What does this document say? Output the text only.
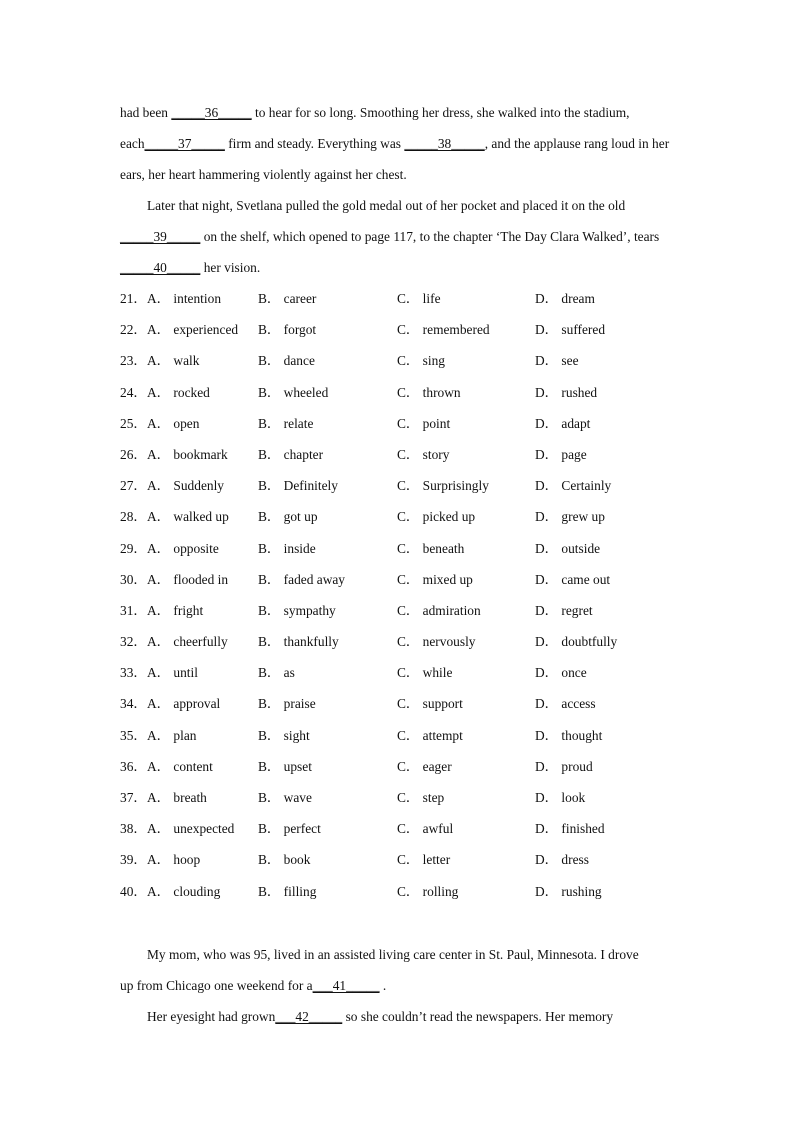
had been _____36_____ to hear for so long. Smoothing her dress, she walked into the stadium,
each_____37_____ firm and steady. Everything was _____38_____, and the applause rang loud in her
ears, her heart hammering violently against her chest.
Later that night, Svetlana pulled the gold medal out of her pocket and placed it on the old
_____39_____ on the shelf, which opened to page 117, to the chapter ‘The Day Clara Walked’, tears
_____40_____ her vision.
21． A． intention	B． career	C． life	D． dream
22． A． experienced B． forgot	C． remembered	D． suffered
23． A． walk	B． dance	C． sing	D． see
24． A． rocked	B． wheeled	C． thrown	D． rushed
25． A． open	B． relate	C． point	D． adapt
26． A． bookmark B． chapter	C． story	D． page
27． A． Suddenly	B． Definitely	C． Surprisingly	D． Certainly
28． A． walked up B． got up	C． picked up	D． grew up
29． A． opposite	B． inside	C． beneath	D． outside
30． A． flooded in B． faded away	C． mixed up	D． came out
31． A． fright	B． sympathy	C． admiration	D． regret
32． A． cheerfully B． thankfully	C． nervously	D． doubtfully
33． A． until	B． as	C． while	D． once
34． A． approval	B． praise	C． support	D． access
35． A． plan	B． sight	C． attempt	D． thought
36． A． content	B． upset	C． eager	D． proud
37． A． breath	B． wave	C． step	D． look
38． A． unexpected B． perfect	C． awful	D． finished
39． A． hoop	B． book	C． letter	D． dress
40． A． clouding	B． filling	C． rolling	D． rushing
My mom, who was 95, lived in an assisted living care center in St. Paul, Minnesota. I drove
up from Chicago one weekend for a___41_____ .
Her eyesight had grown___42_____ so she couldn’t read the newspapers. Her memory
